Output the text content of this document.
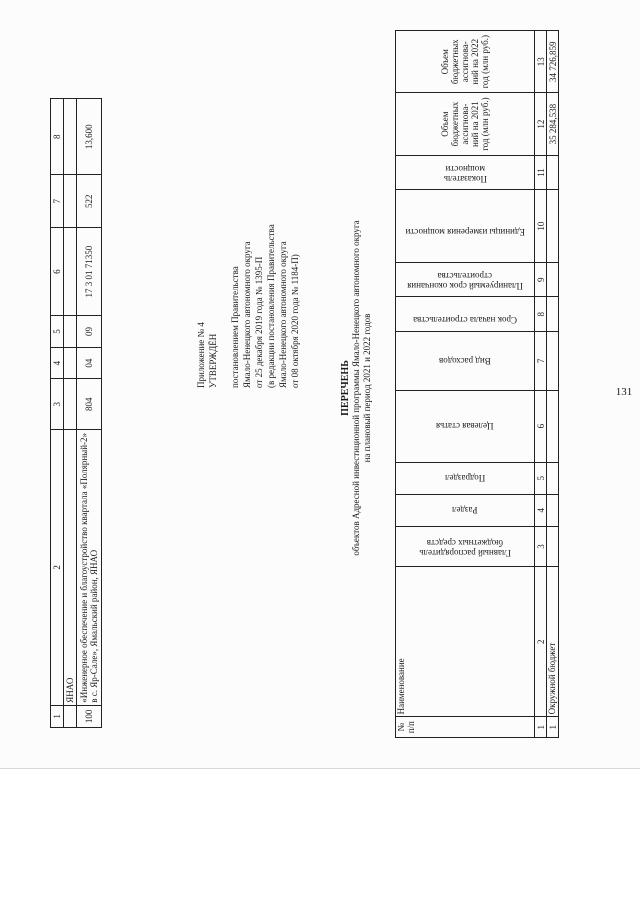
131
1	2	3	4	5	6	7	8
	ЯНАО						
100	«Инженерное обеспечение и благоустройство квартала «Полярный-2» в с. Яр-Сале», Ямальский район, ЯНАО	804	04	09	17 3 01 71350	522	13,600
Приложение № 4 УТВЕРЖДЁН постановлением Правительства Ямало-Ненецкого автономного округа от 25 декабря 2019 года № 1395-П (в редакции постановления Правительства Ямало-Ненецкого автономного округа от 08 октября 2020 года № 1184-П)	ПЕРЕЧЕНЬ объектов Адресной инвестиционной программы Ямало-Ненецкого автономного округа на плановый период 2021 и 2022 годов
№ п/п	Наименование	Главный распорядитель бюджетных средств	Раздел	Подраздел	Целевая статья	Вид расходов	Срок начала строительства	Планируемый срок окончания строительства	Единицы измерения мощности	Показатель мощности	Объем бюджетных ассигнова- ний на 2021 год (млн руб.)	Объем бюджетных ассигнова- ний на 2022 год (млн руб.)
1	2	3	4	5	6	7	8	9	10	11	12	13
1	Окружной бюджет										35 284,538	34 726,859
